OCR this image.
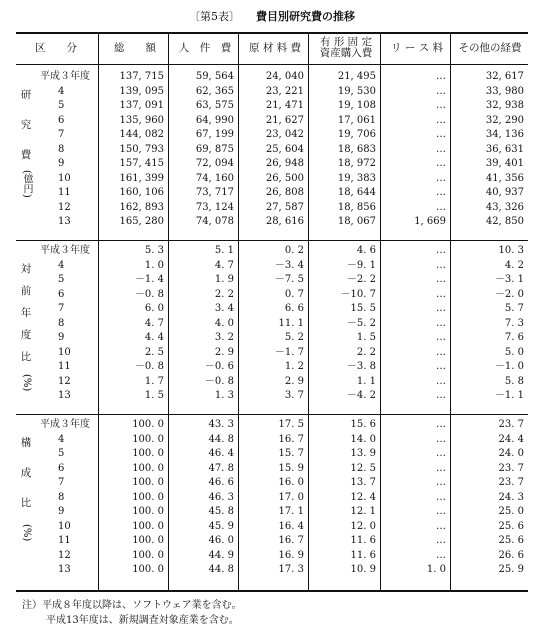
〔第5表〕 費目別研究費の推移
区　　分	総　　額	人　件　費	原 材 料 費	有 形 固 定
資産購入費	リ ー ス 料	その他の経費
研
究
費
(億円)
対
前
年
度
比
(%)
構
成
比
(%)
平成３年度	137, 715	59, 564	24, 040	21, 495	…	32, 617
4	139, 095	62, 365	23, 221	19, 530	…	33, 980
5	137, 091	63, 575	21, 471	19, 108	…	32, 938
6	135, 960	64, 990	21, 627	17, 061	…	32, 290
7	144, 082	67, 199	23, 042	19, 706	…	34, 136
8	150, 793	69, 875	25, 604	18, 683	…	36, 631
9	157, 415	72, 094	26, 948	18, 972	…	39, 401
10	161, 399	74, 160	26, 500	19, 383	…	41, 356
11	160, 106	73, 717	26, 808	18, 644	…	40, 937
12	162, 893	73, 124	27, 587	18, 856	…	43, 326
13	165, 280	74, 078	28, 616	18, 067	1, 669	42, 850
平成３年度	5. 3	5. 1	0. 2	4. 6	…	10. 3
4	1. 0	4. 7	－3. 4	－9. 1	…	4. 2
5	－1. 4	1. 9	－7. 5	－2. 2	…	－3. 1
6	－0. 8	2. 2	0. 7	－10. 7	…	－2. 0
7	6. 0	3. 4	6. 6	15. 5	…	5. 7
8	4. 7	4. 0	11. 1	－5. 2	…	7. 3
9	4. 4	3. 2	5. 2	1. 5	…	7. 6
10	2. 5	2. 9	－1. 7	2. 2	…	5. 0
11	－0. 8	－0. 6	1. 2	－3. 8	…	－1. 0
12	1. 7	－0. 8	2. 9	1. 1	…	5. 8
13	1. 5	1. 3	3. 7	－4. 2	…	－1. 1
平成３年度	100. 0	43. 3	17. 5	15. 6	…	23. 7
4	100. 0	44. 8	16. 7	14. 0	…	24. 4
5	100. 0	46. 4	15. 7	13. 9	…	24. 0
6	100. 0	47. 8	15. 9	12. 5	…	23. 7
7	100. 0	46. 6	16. 0	13. 7	…	23. 7
8	100. 0	46. 3	17. 0	12. 4	…	24. 3
9	100. 0	45. 8	17. 1	12. 1	…	25. 0
10	100. 0	45. 9	16. 4	12. 0	…	25. 6
11	100. 0	46. 0	16. 7	11. 6	…	25. 6
12	100. 0	44. 9	16. 9	11. 6	…	26. 6
13	100. 0	44. 8	17. 3	10. 9	1. 0	25. 9
注）平成８年度以降は、ソフトウェア業を含む。
平成13年度は、新規調査対象産業を含む。
